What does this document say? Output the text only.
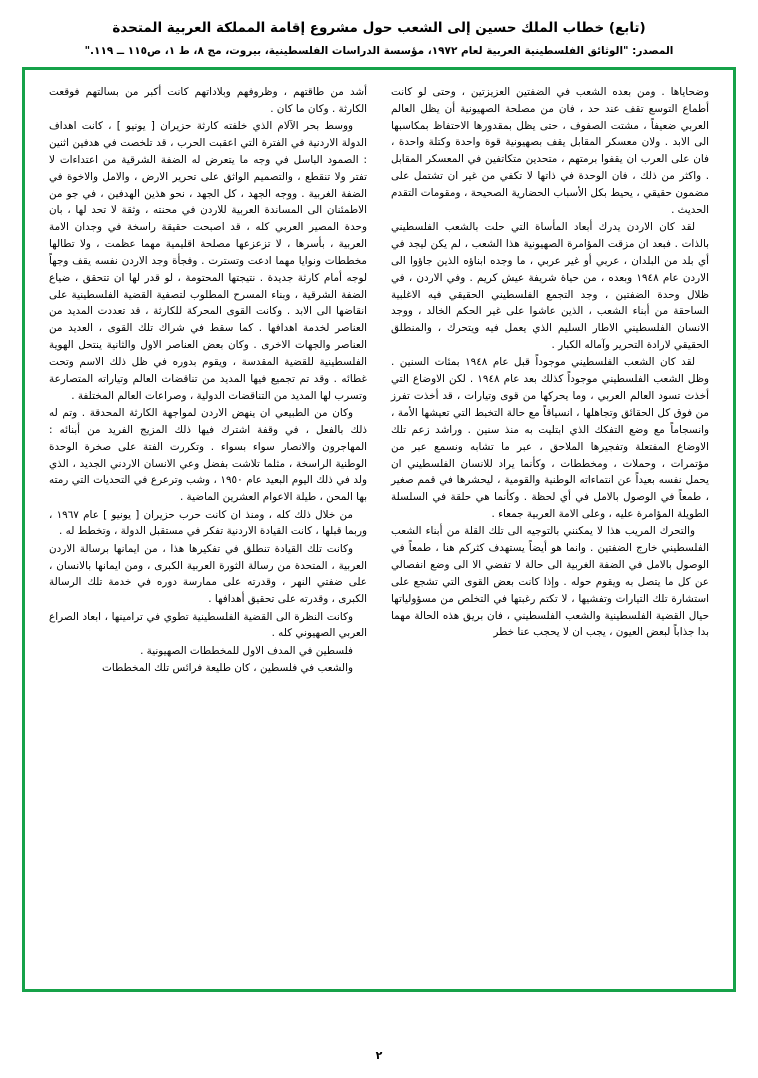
(تابع) خطاب الملك حسين إلى الشعب حول مشروع إقامة المملكة العربية المتحدة
المصدر: "الوثائق الفلسطينية العربية لعام ١٩٧٢، مؤسسة الدراسات الفلسطينية، بيروت، مج ٨، ط ١، ص١١٥ ــ ١١٩."

وضحاياها . ومن بعده الشعب في الضفتين العزيزتين ، وحتى لو كانت أطماع التوسع تقف عند حد ، فان من مصلحة الصهيونية أن يظل العالم العربي ضعيفاً ، مشتت الصفوف ، حتى يظل بمقدورها الاحتفاظ بمكاسبها الى الابد . ولان معسكر المقابل يقف بصهيونية قوة واحدة وكتلة واحدة ، فان على العرب ان يقفوا برمتهم ، متحدين متكاتفين في المعسكر المقابل . واكثر من ذلك ، فان الوحدة في ذاتها لا تكفي من غير ان تشتمل على مضمون حقيقي ، يحيط بكل الأسباب الحضارية الصحيحة ، ومقومات التقدم الحديث .

لقد كان الاردن يدرك أبعاد المأساة التي حلت بالشعب الفلسطيني بالذات . فبعد ان مزقت المؤامرة الصهيونية هذا الشعب ، لم يكن ليجد في أي بلد من البلدان ، عربي أو غير عربي ، ما وجده ابناؤه الذين جاؤوا الى الاردن عام ١٩٤٨ وبعده ، من حياة شريفة عيش كريم . وفي الاردن ، في ظلال وحدة الضفتين ، وجد التجمع الفلسطيني الحقيقي فيه الاغلبية الساحقة من أبناء الشعب ، الذين عاشوا على غير الحكم الخالد ، ووجد الانسان الفلسطيني الاطار السليم الذي يعمل فيه ويتحرك ، والمنطلق الحقيقي لارادة التحرير وآماله الكبار .

لقد كان الشعب الفلسطيني موجوداً قبل عام ١٩٤٨ بمئات السنين . وظل الشعب الفلسطيني موجوداً كذلك بعد عام ١٩٤٨ . لكن الاوضاع التي أخذت تسود العالم العربي ، وما يحركها من قوى وتيارات ، قد أخذت تفرز من فوق كل الحقائق وتجاهلها ، انسياقاً مع حالة التخبط التي تعيشها الأمة ، وانسجاماً مع وضع التفكك الذي ابتليت به منذ سنين . وراشد زعم تلك الاوضاع المفتعلة وتفجيرها الملاحق ، عبر ما تشابه ونسمع عبر من مؤتمرات ، وحملات ، ومخططات ، وكأنما يراد للانسان الفلسطيني ان يحمل نفسه بعيداً عن انتماءاته الوطنية والقومية ، ليحشرها في قمم صغير ، طمعاً في الوصول بالامل في أي لحظة . وكأنما هي حلقة في السلسلة الطويلة المؤامرة عليه ، وعلى الامة العربية جمعاء .

والتحرك المريب هذا لا يمكنني بالتوجيه الى تلك القلة من أبناء الشعب الفلسطيني خارج الضفتين . وانما هو أيضاً يستهدف كثركم هنا ، طمعاً في الوصول بالامل في الضفة الغربية الى حالة لا تفضي الا الى وضع انفصالي عن كل ما يتصل به ويقوم حوله . وإذا كانت بعض القوى التي تشجع على استشارة تلك التيارات وتفشيها ، لا تكتم رغبتها في التخلص من مسؤولياتها حيال القضية الفلسطينية والشعب الفلسطيني ، فان بريق هذه الحالة مهما بدا جذاباً لبعض العيون ، يجب ان لا يحجب عنا خطر

أشد من طاقتهم ، وظروفهم وبلاداتهم كانت أكبر من بسالتهم فوقعت الكارثة . وكان ما كان .

ووسط بحر الآلام الذي خلفته كارثة حزيران [ يونيو ] ، كانت اهداف الدولة الاردنية في الفترة التي اعقبت الحرب ، قد تلخصت في هدفين اثنين : الصمود الباسل في وجه ما يتعرض له الضفة الشرقية من اعتداءات لا تفتر ولا تنقطع ، والتصميم الواثق على تحرير الارض ، والامل والاخوة في الضفة الغربية . ووجه الجهد ، كل الجهد ، نحو هذين الهدفين ، في جو من الاطمئنان الى المساندة العربية للاردن في محنته ، وثقة لا تحد لها ، بان وحدة المصير العربي كله ، قد اصبحت حقيقة راسخة في وجدان الامة العربية ، بأسرها ، لا تزعزعها مصلحة اقليمية مهما عظمت ، ولا تطالها مخططات ونوايا مهما ادعت وتسترت . وفجأة وجد الاردن نفسه يقف وجهاً لوجه أمام كارثة جديدة . نتيجتها المحتومة ، لو قدر لها ان تتحقق ، ضياع الضفة الشرقية ، وبناء المسرح المطلوب لتصفية القضية الفلسطينية على انقاضها الى الابد . وكانت القوى المحركة للكارثة ، قد تعددت المديد من العناصر لخدمة اهدافها . كما سقط في شراك تلك القوى ، العديد من العناصر والجهات الاخرى . وكان بعض العناصر الاول والثانية ينتحل الهوية الفلسطينية للقضية المقدسة ، ويقوم بدوره في ظل ذلك الاسم وتحت غطائه . وقد تم تجميع فيها المديد من تناقضات العالم وتياراته المتصارعة وتسرب لها المديد من التناقضات الدولية ، وصراعات العالم المختلفة .

وكان من الطبيعي ان ينهض الاردن لمواجهة الكارثة المحدقة . وتم له ذلك بالفعل ، في وقفة اشترك فيها ذلك المزيج الفريد من أبنائه : المهاجرون والانصار سواء بسواء . وتكررت الفتة على صخرة الوحدة الوطنية الراسخة ، مثلما تلاشت بفضل وعي الانسان الاردني الجديد ، الذي ولد في ذلك اليوم البعيد عام ١٩٥٠ ، وشب وترعرع في التحديات التي رمته بها المحن ، طيلة الاعوام العشرين الماضية .

من خلال ذلك كله ، ومنذ ان كانت حرب حزيران [ يونيو ] عام ١٩٦٧ ، وربما قبلها ، كانت القيادة الاردنية تفكر في مستقبل الدولة ، وتخطط له .

وكانت تلك القيادة تنطلق في تفكيرها هذا ، من ايمانها برسالة الاردن العربية ، المتحدة من رسالة الثورة العربية الكبرى ، ومن ايمانها بالانسان ، على ضفتي النهر ، وقدرته على ممارسة دوره في خدمة تلك الرسالة الكبرى ، وقدرته على تحقيق أهدافها .

وكانت النظرة الى القضية الفلسطينية تطوي في ترامينها ، ابعاد الصراع العربي الصهيوني كله .

فلسطين في المدف الاول للمخططات الصهيونية .

والشعب في فلسطين ، كان طليعة فرائس تلك المخططات

٢
